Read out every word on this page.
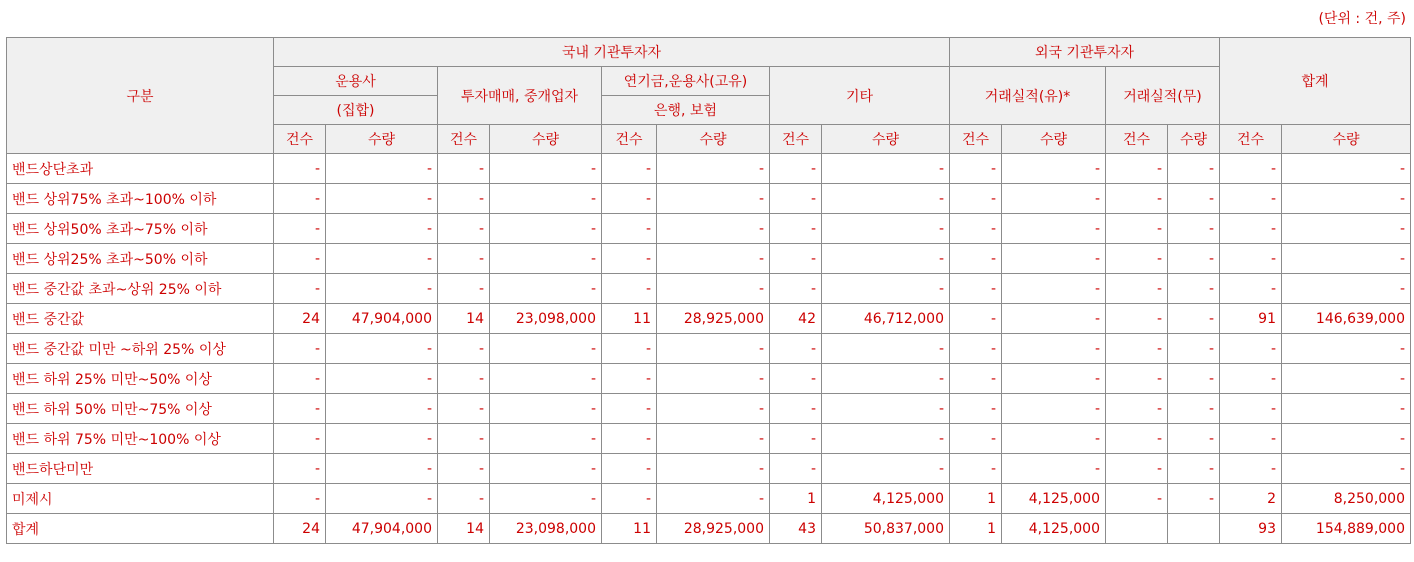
(단위 : 건, 주)
구분	국내 기관투자자								외국 기관투자자				합계	
	운용사		투자매매, 중개업자		연기금,운용사(고유)		기타		거래실적(유)*		거래실적(무)			
	(집합)				은행, 보험									
	건수	수량	건수	수량	건수	수량	건수	수량	건수	수량	건수	수량	건수	수량
밴드상단초과	-	-	-	-	-	-	-	-	-	-	-	-	-	-
밴드 상위75% 초과~100% 이하	-	-	-	-	-	-	-	-	-	-	-	-	-	-
밴드 상위50% 초과~75% 이하	-	-	-	-	-	-	-	-	-	-	-	-	-	-
밴드 상위25% 초과~50% 이하	-	-	-	-	-	-	-	-	-	-	-	-	-	-
밴드 중간값 초과~상위 25% 이하	-	-	-	-	-	-	-	-	-	-	-	-	-	-
밴드 중간값	24	47,904,000	14	23,098,000	11	28,925,000	42	46,712,000	-	-	-	-	91	146,639,000
밴드 중간값 미만 ~하위 25% 이상	-	-	-	-	-	-	-	-	-	-	-	-	-	-
밴드 하위 25% 미만~50% 이상	-	-	-	-	-	-	-	-	-	-	-	-	-	-
밴드 하위 50% 미만~75% 이상	-	-	-	-	-	-	-	-	-	-	-	-	-	-
밴드 하위 75% 미만~100% 이상	-	-	-	-	-	-	-	-	-	-	-	-	-	-
밴드하단미만	-	-	-	-	-	-	-	-	-	-	-	-	-	-
미제시	-	-	-	-	-	-	1	4,125,000	1	4,125,000	-	-	2	8,250,000
합계	24	47,904,000	14	23,098,000	11	28,925,000	43	50,837,000	1	4,125,000			93	154,889,000
